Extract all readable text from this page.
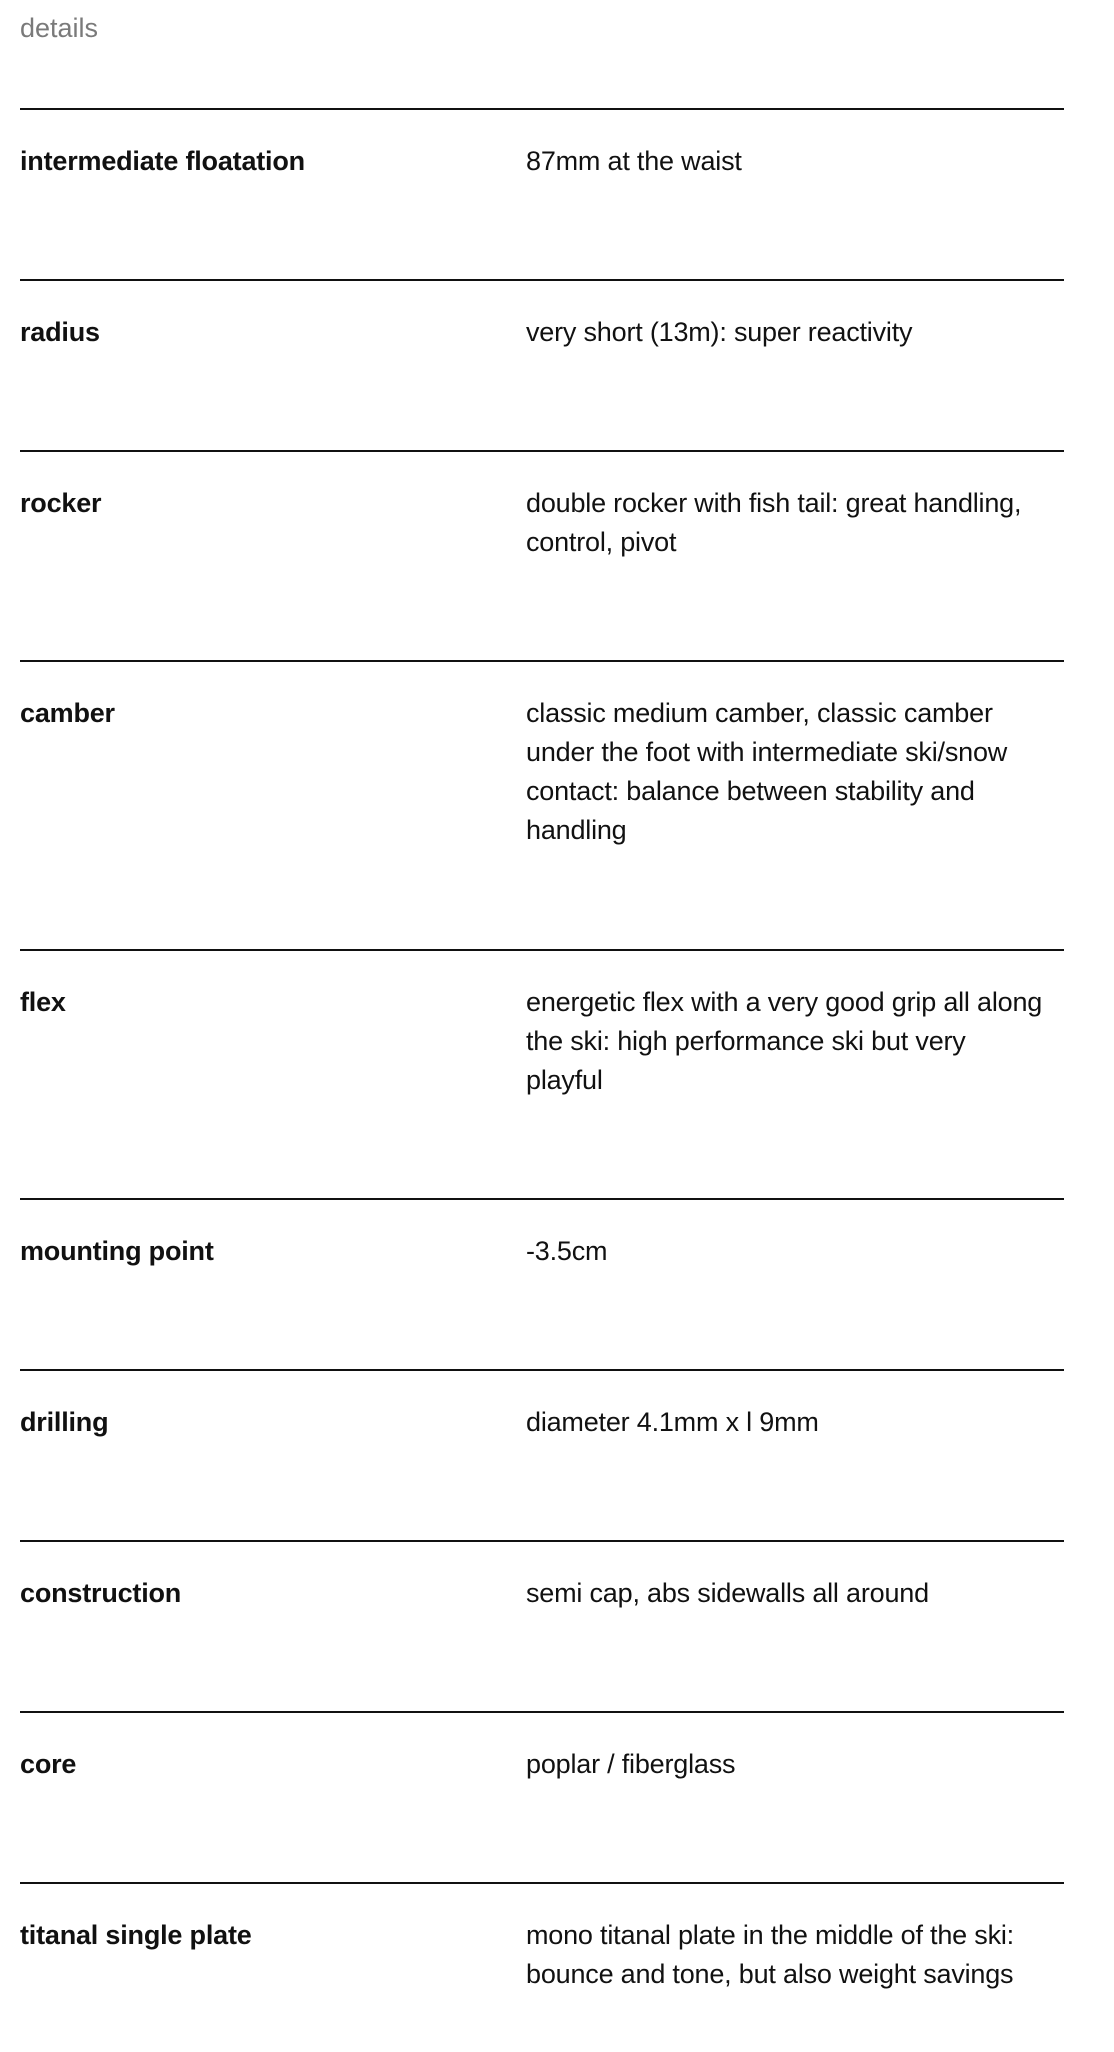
details
intermediate floatation	87mm at the waist
radius	very short (13m): super reactivity
rocker	double rocker with fish tail: great handling, control, pivot
camber	classic medium camber, classic camber under the foot with intermediate ski/snow contact: balance between stability and handling
flex	energetic flex with a very good grip all along the ski: high performance ski but very playful
mounting point	-3.5cm
drilling	diameter 4.1mm x l 9mm
construction	semi cap, abs sidewalls all around
core	poplar / fiberglass
titanal single plate	mono titanal plate in the middle of the ski: bounce and tone, but also weight savings
